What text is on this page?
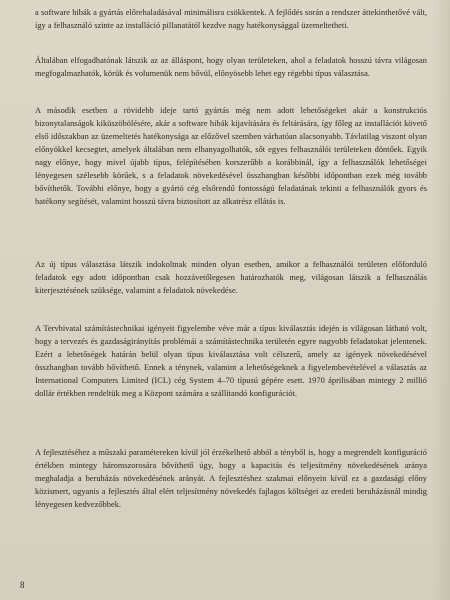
a software hibák a gyártás előrehaladásával minimálisra csökkentek. A fejlődés során a rendszer áttekinthetővé vált, így a felhasználó szinte az installáció pillanatától kezdve nagy hatékonysággal üzemeltetheti.

Általában elfogadhatónak látszik az az álláspont, hogy olyan területeken, ahol a feladatok hosszú távra világosan megfogalmazhatók, körük és volumenük nem bővül, előnyösebb lehet egy régebbi típus választása.

A második esetben a rövidebb ideje tartó gyártás még nem adott lehetőségeket akár a konstrukciós bizonytalanságok kiküszöbölésére, akár a software hibák kijavítására és feltárására, így főleg az installációt követő első időszakban az üzemeltetés hatékonysága az előzővel szemben várhatóan alacsonyabb. Távlatilag viszont olyan előnyökkel kecsegtet, amelyek általában nem elhanyagolhatók, sőt egyes felhasználói területeken döntőek. Egyik nagy előnye, hogy mivel újabb típus, felépítésében korszerűbb a korábbinál, így a felhasználók lehetőségei lényegesen szélesebb körűek, s a feladatok növekedésével összhangban későbbi időpontban ezek még tovább bővíthetők. További előnye, hogy a gyártó cég elsőrendű fontosságú feladatának tekinti a felhasználók gyors és hatékony segítését, valamint hosszú távra biztosított az alkatrész ellátás is.

Az új típus választása látszik indokoltnak minden olyan esetben, amikor a felhasználói területen előforduló feladatok egy adott időpontban csak hozzávetőlegesen határozhatók meg, világosan látszik a felhasználás kiterjesztésének szüksége, valamint a feladatok növekedése.

A Tervhivatal számítástechnikai igényeit figyelembe véve már a típus kiválasztás idején is világosan látható volt, hogy a tervezés és gazdaságirányítás problémái a számítástechnika területén egyre nagyobb feladatokat jelentenek. Ezért a lehetőségek határán belül olyan típus kiválasztása volt célszerű, amely az igények növekedésével összhangban tovább bővíthető. Ennek a ténynek, valamint a lehetőségeknek a figyelembevételével a választás az International Computers Limited (ICL) cég System 4–70 típusú gépére esett. 1970 áprilisában mintegy 2 millió dollár értékben rendeltük meg a Központ számára a szállítandó konfigurációt.

A fejlesztéséhez a műszaki paramétereken kívül jól érzékelhető abból a tényből is, hogy a megrendelt konfiguráció értékben mintegy háromszorosára bővíthető úgy, hogy a kapacitás és teljesítmény növekedésének aránya meghaladja a beruházás növekedésének arányát. A fejlesztéshez szakmai előnyein kívül ez a gazdasági előny közismert, ugyanis a fejlesztés által elért teljesítmény növekedés fajlagos költségei az eredeti beruházásnál mindig lényegesen kedvezőbbek.

8
